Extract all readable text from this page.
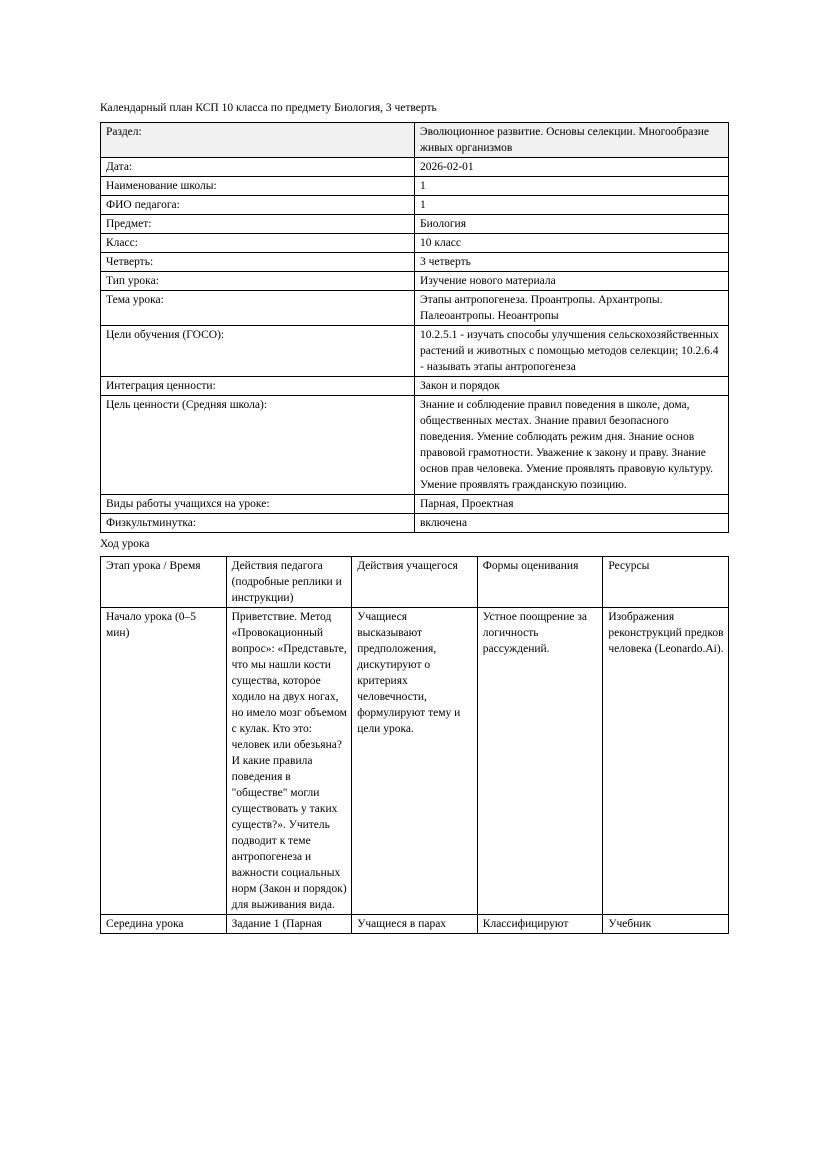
Календарный план КСП 10 класса по предмету Биология, 3 четверть
Раздел:	Эволюционное развитие. Основы селекции. Многообразие живых организмов
Дата:	2026-02-01
Наименование школы:	1
ФИО педагога:	1
Предмет:	Биология
Класс:	10 класс
Четверть:	3 четверть
Тип урока:	Изучение нового материала
Тема урока:	Этапы антропогенеза. Проантропы. Архантропы. Палеоантропы. Неоантропы
Цели обучения (ГОСО):	10.2.5.1 - изучать способы улучшения сельскохозяйственных растений и животных с помощью методов селекции; 10.2.6.4 - называть этапы антропогенеза
Интеграция ценности:	Закон и порядок
Цель ценности (Средняя школа):	Знание и соблюдение правил поведения в школе, дома, общественных местах. Знание правил безопасного поведения. Умение соблюдать режим дня. Знание основ правовой грамотности. Уважение к закону и праву. Знание основ прав человека. Умение проявлять правовую культуру. Умение проявлять гражданскую позицию.
Виды работы учащихся на уроке:	Парная, Проектная
Физкультминутка:	включена
Ход урока
Этап урока / Время	Действия педагога (подробные реплики и инструкции)	Действия учащегося	Формы оценивания	Ресурсы
Начало урока (0–5 мин)	Приветствие. Метод «Провокационный вопрос»: «Представьте, что мы нашли кости существа, которое ходило на двух ногах, но имело мозг объемом с кулак. Кто это: человек или обезьяна? И какие правила поведения в "обществе" могли существовать у таких существ?». Учитель подводит к теме антропогенеза и важности социальных норм (Закон и порядок) для выживания вида.	Учащиеся высказывают предположения, дискутируют о критериях человечности, формулируют тему и цели урока.	Устное поощрение за логичность рассуждений.	Изображения реконструкций предков человека (Leonardo.Ai).
Середина урока	Задание 1 (Парная	Учащиеся в парах	Классифицируют	Учебник
